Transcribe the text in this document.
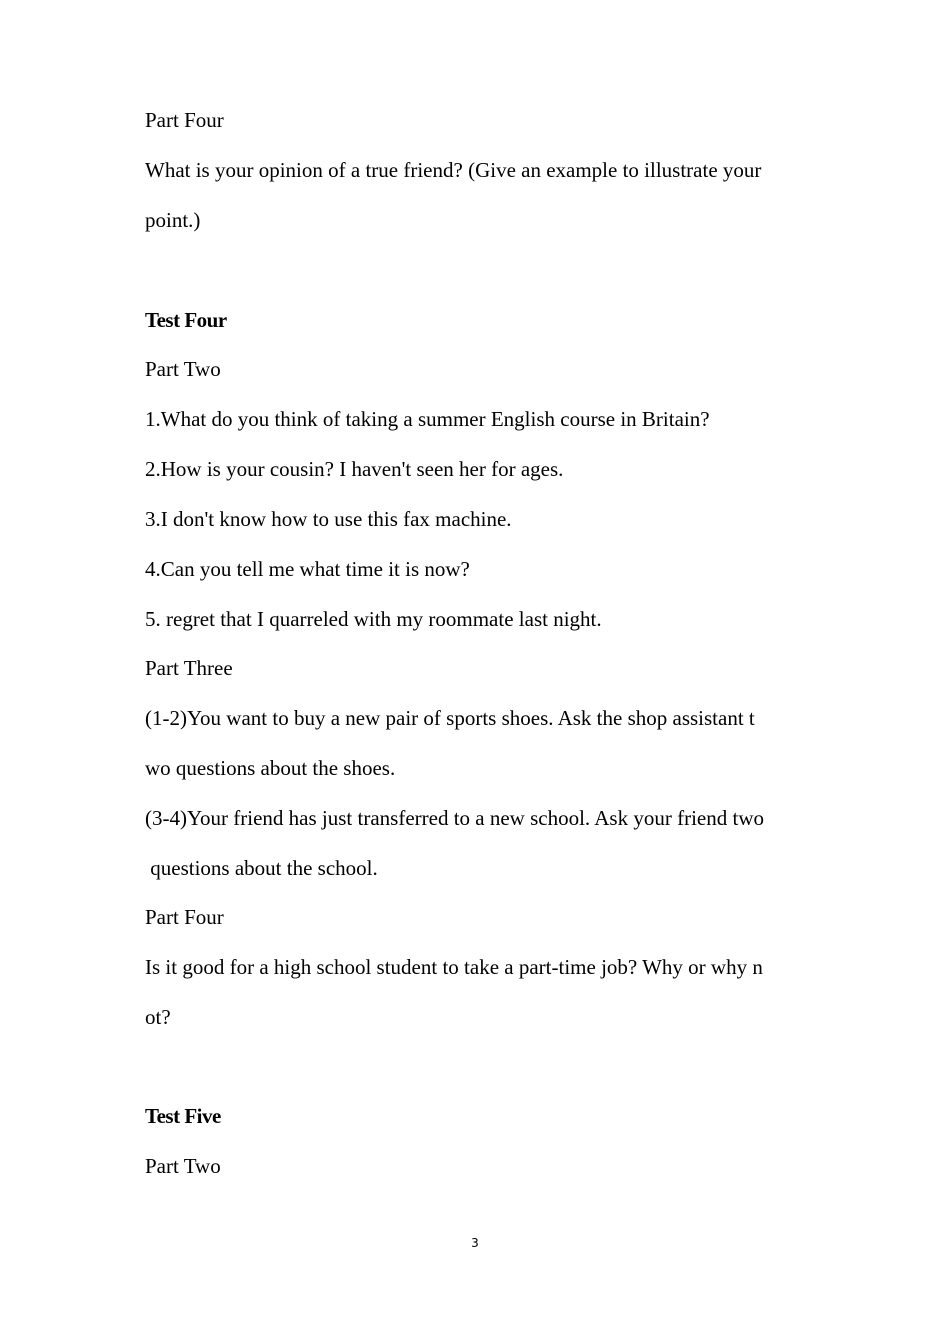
Part Four
What is your opinion of a true friend? (Give an example to illustrate your
point.)
Test Four
Part Two
1.What do you think of taking a summer English course in Britain?
2.How is your cousin? I haven't seen her for ages.
3.I don't know how to use this fax machine.
4.Can you tell me what time it is now?
5. regret that I quarreled with my roommate last night.
Part Three
(1-2)You want to buy a new pair of sports shoes. Ask the shop assistant t
wo questions about the shoes.
(3-4)Your friend has just transferred to a new school. Ask your friend two
questions about the school.
Part Four
Is it good for a high school student to take a part-time job? Why or why n
ot?
Test Five
Part Two
3
